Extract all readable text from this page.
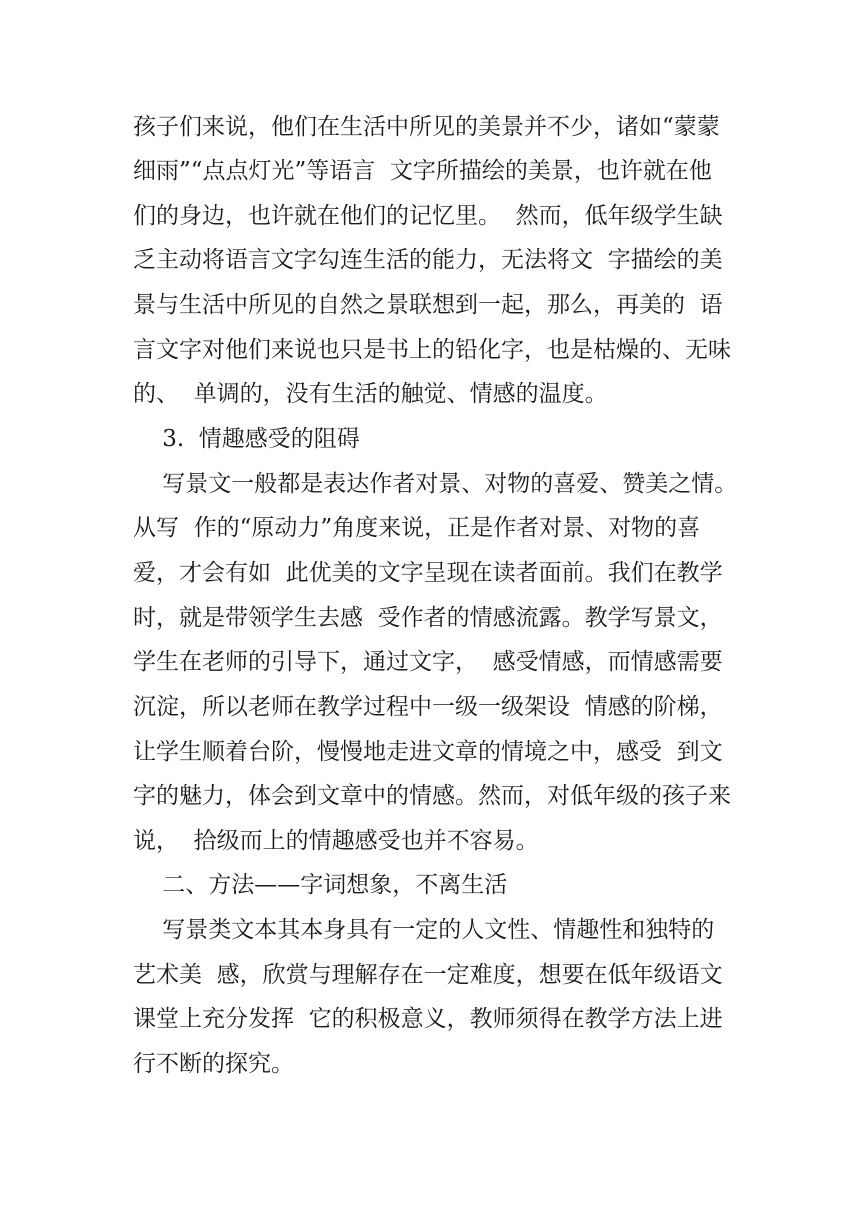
孩子们来说，他们在生活中所见的美景并不少，诸如“蒙蒙

细雨”“点点灯光”等语言  文字所描绘的美景，也许就在他

们的身边，也许就在他们的记忆里。  然而，低年级学生缺

乏主动将语言文字勾连生活的能力，无法将文  字描绘的美

景与生活中所见的自然之景联想到一起，那么，再美的  语

言文字对他们来说也只是书上的铅化字，也是枯燥的、无味

的、  单调的，没有生活的触觉、情感的温度。

3.  情趣感受的阻碍

写景文一般都是表达作者对景、对物的喜爱、赞美之情。

从写  作的“原动力”角度来说，正是作者对景、对物的喜

爱，才会有如  此优美的文字呈现在读者面前。我们在教学

时，就是带领学生去感  受作者的情感流露。教学写景文，

学生在老师的引导下，通过文字，  感受情感，而情感需要

沉淀，所以老师在教学过程中一级一级架设  情感的阶梯，

让学生顺着台阶，慢慢地走进文章的情境之中，感受  到文

字的魅力，体会到文章中的情感。然而，对低年级的孩子来

说，  拾级而上的情趣感受也并不容易。

二、方法——字词想象，不离生活

写景类文本其本身具有一定的人文性、情趣性和独特的

艺术美  感，欣赏与理解存在一定难度，想要在低年级语文

课堂上充分发挥  它的积极意义，教师须得在教学方法上进

行不断的探究。
